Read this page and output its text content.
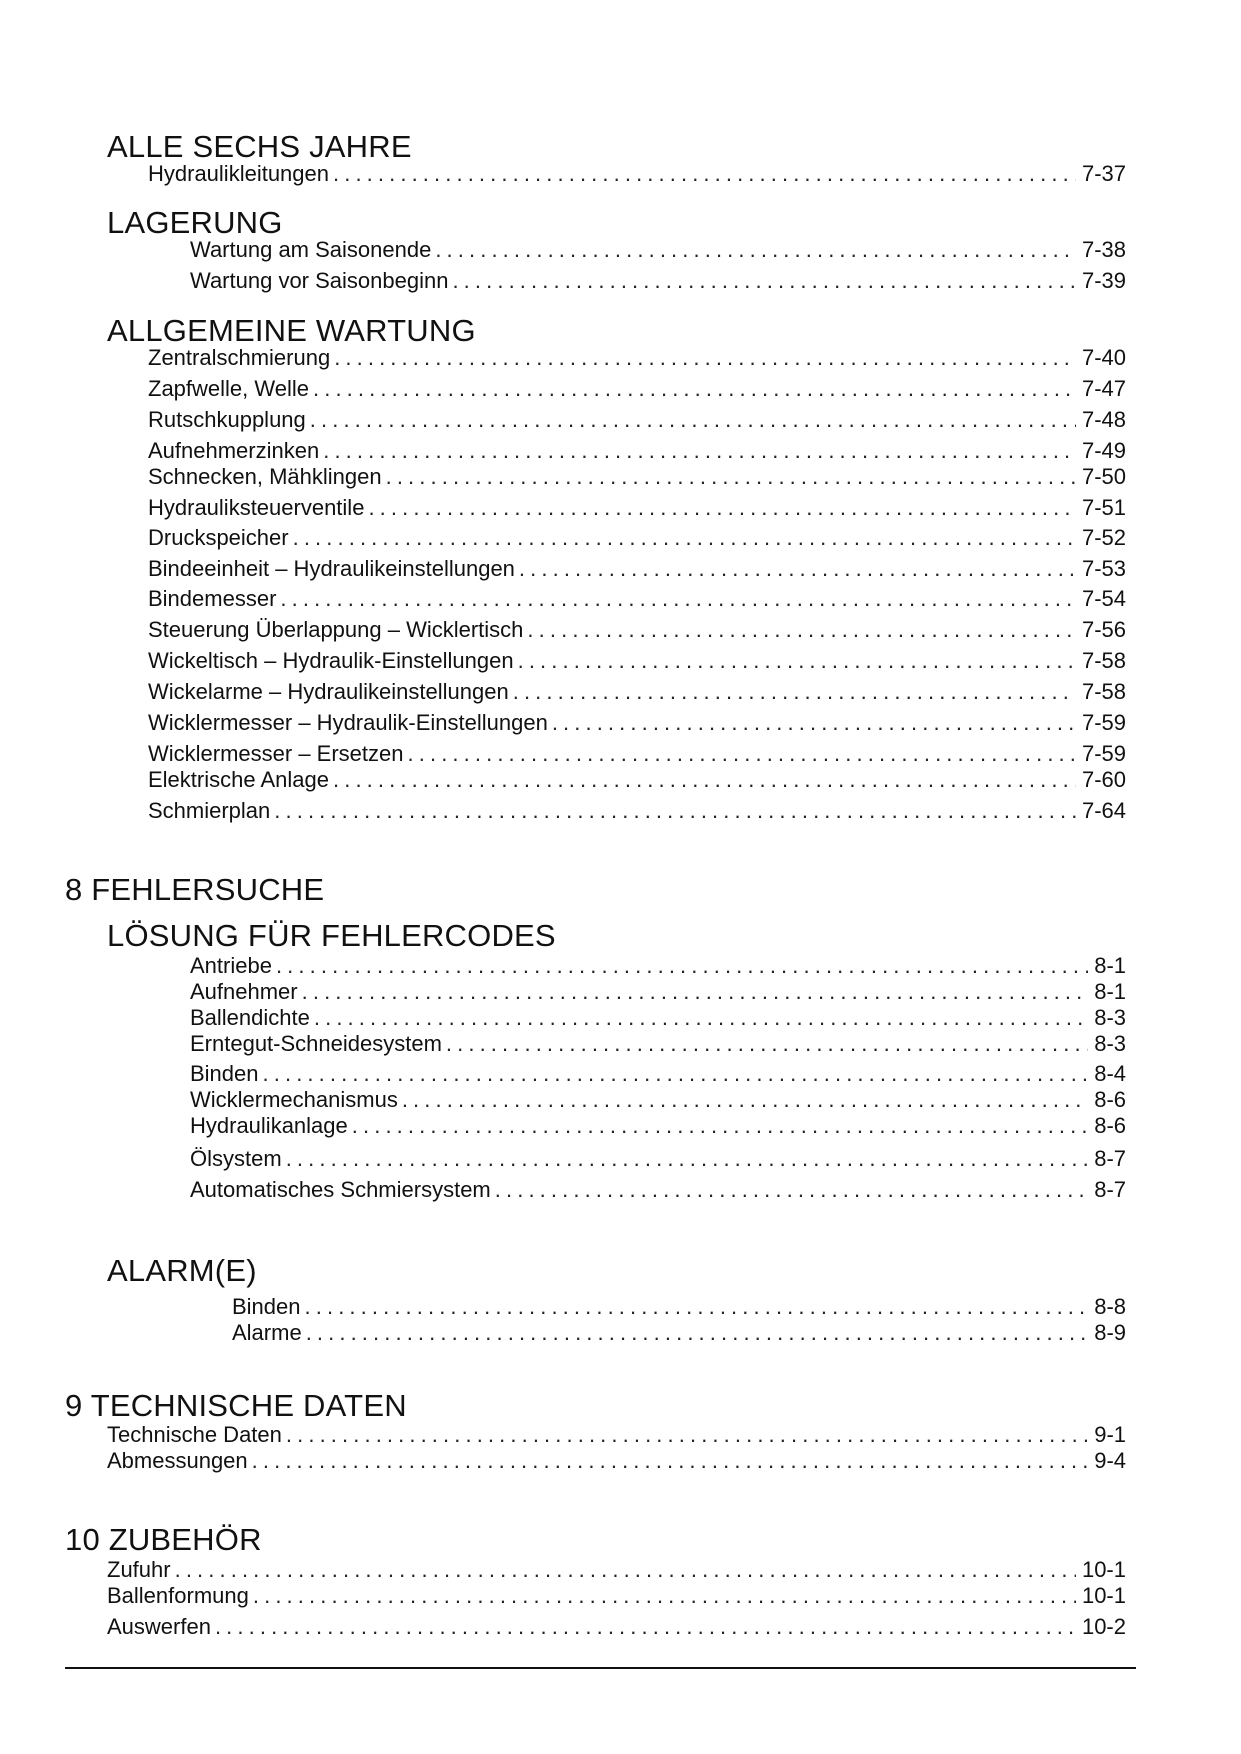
ALLE SECHS JAHRE
Hydraulikleitungen . . .	7-37
LAGERUNG
Wartung am Saisonende . . .	7-38
Wartung vor Saisonbeginn . . .	7-39
ALLGEMEINE WARTUNG
Zentralschmierung . . .	7-40
Zapfwelle, Welle . . .	7-47
Rutschkupplung . . .	7-48
Aufnehmerzinken . . .	7-49
Schnecken, Mähklingen . . .	7-50
Hydrauliksteuerventile . . .	7-51
Druckspeicher . . .	7-52
Bindeeinheit – Hydraulikeinstellungen . . .	7-53
Bindemesser . . .	7-54
Steuerung Überlappung – Wicklertisch . . .	7-56
Wickeltisch – Hydraulik-Einstellungen . . .	7-58
Wickelarme – Hydraulikeinstellungen . . .	7-58
Wicklermesser – Hydraulik-Einstellungen . . .	7-59
Wicklermesser – Ersetzen . . .	7-59
Elektrische Anlage . . .	7-60
Schmierplan . . .	7-64
8 FEHLERSUCHE
LÖSUNG FÜR FEHLERCODES
Antriebe . . .	8-1
Aufnehmer . . .	8-1
Ballendichte . . .	8-3
Erntegut-Schneidesystem . . .	8-3
Binden . . .	8-4
Wicklermechanismus . . .	8-6
Hydraulikanlage . . .	8-6
Ölsystem . . .	8-7
Automatisches Schmiersystem . . .	8-7
ALARM(E)
Binden . . .	8-8
Alarme . . .	8-9
9 TECHNISCHE DATEN
Technische Daten . . .	9-1
Abmessungen . . .	9-4
10 ZUBEHÖR
Zufuhr . . .	10-1
Ballenformung . . .	10-1
Auswerfen . . .	10-2
